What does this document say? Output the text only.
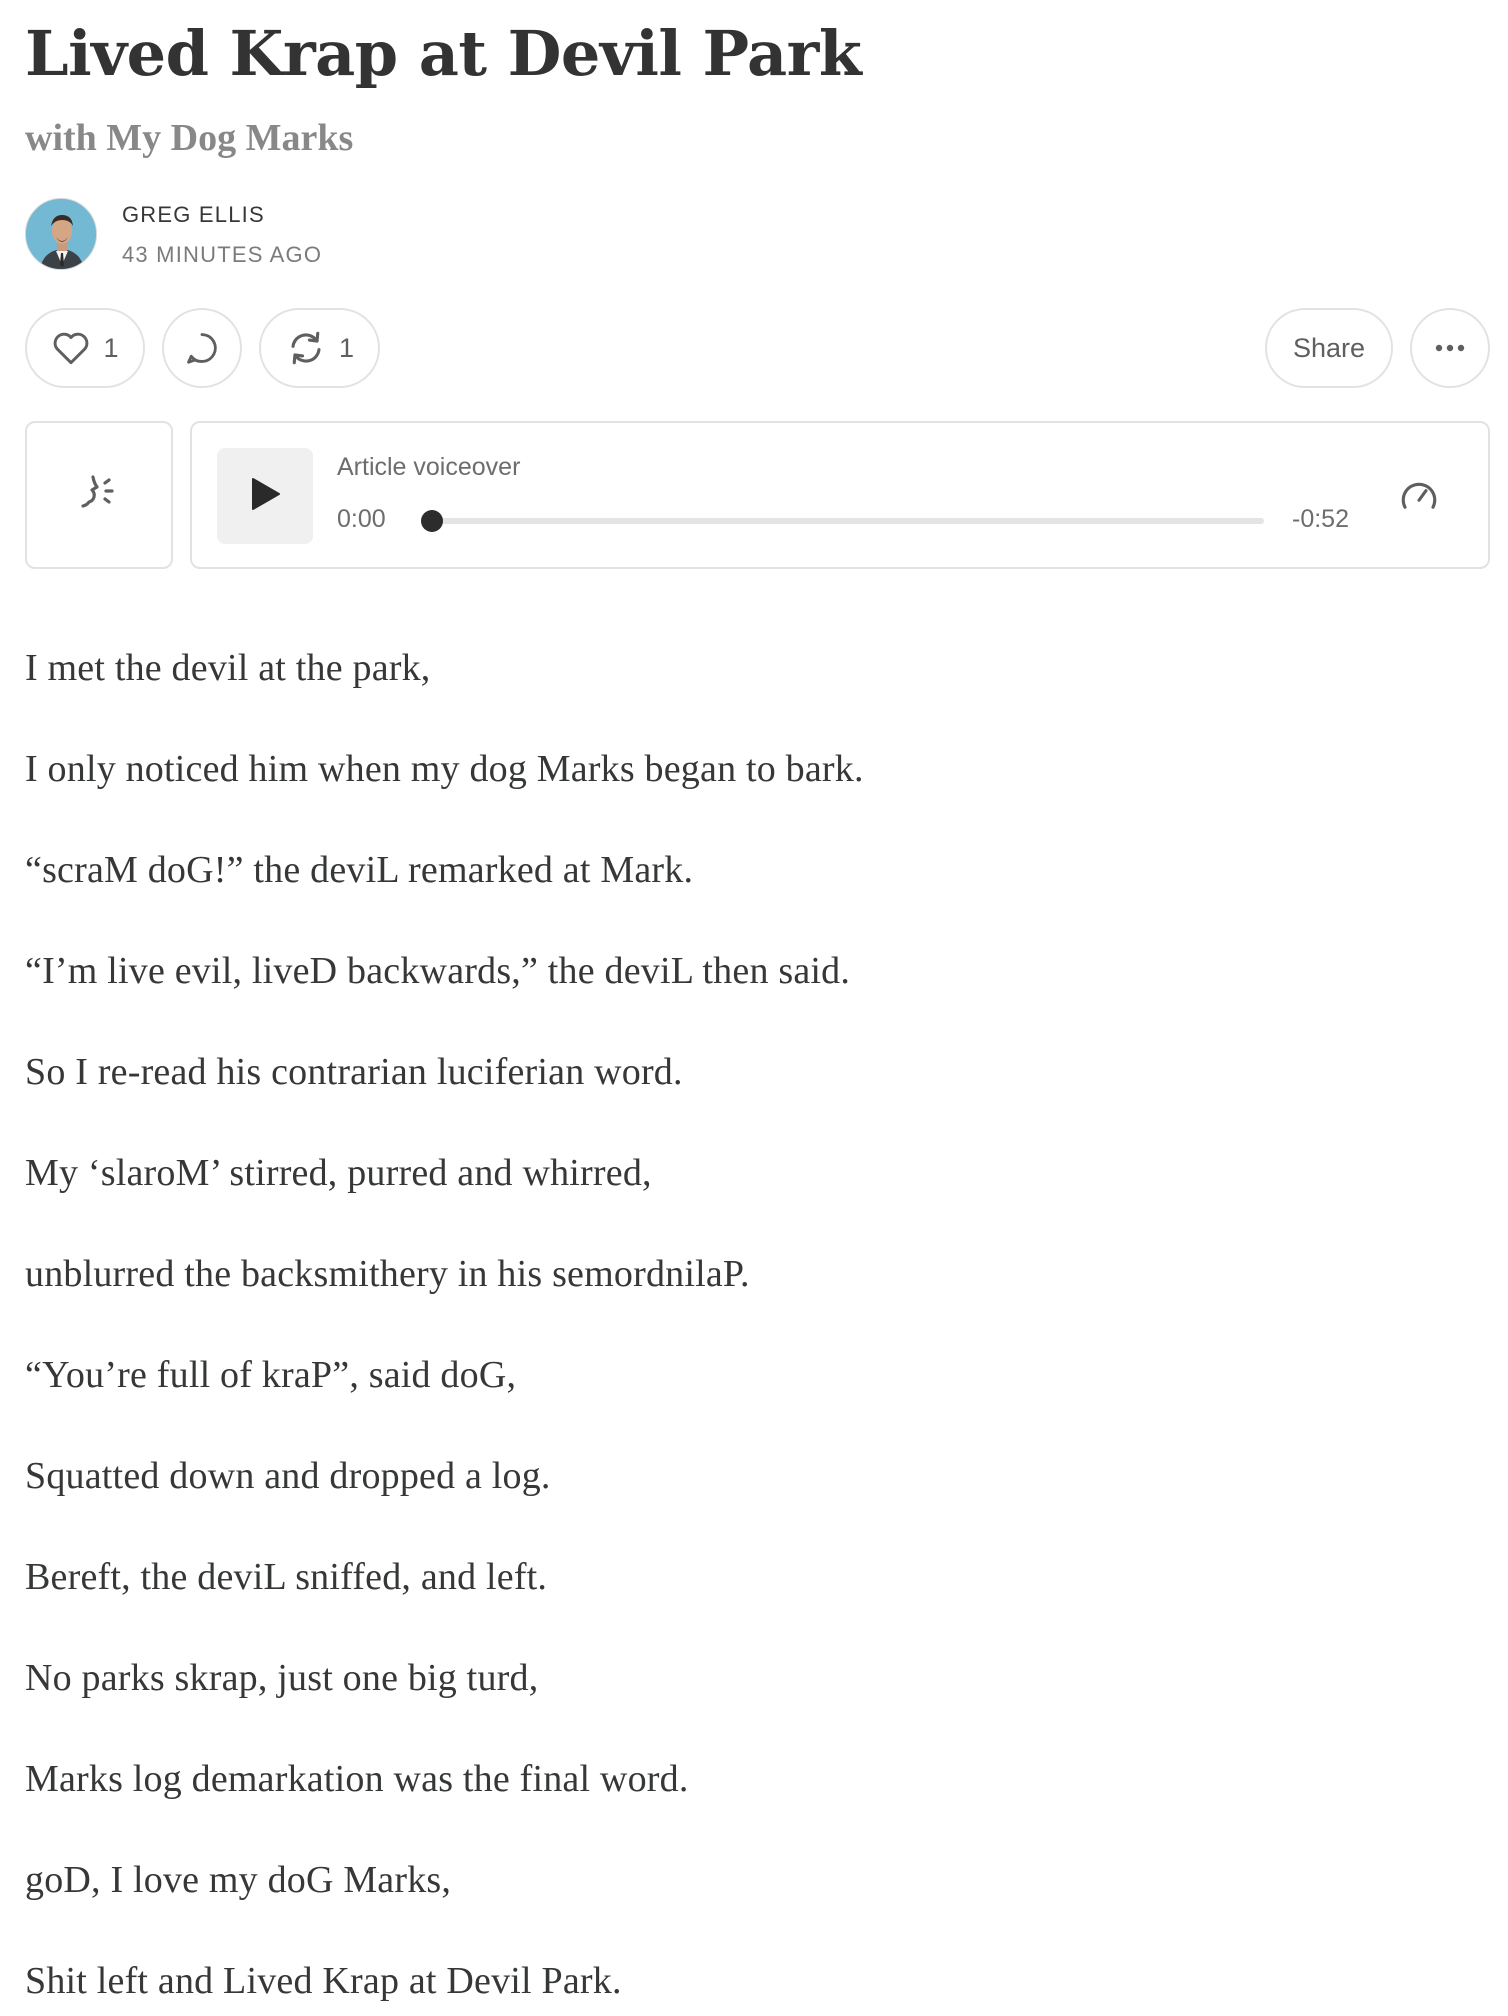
Lived Krap at Devil Park
with My Dog Marks
GREG ELLIS
43 MINUTES AGO
1	1	Share
Article voiceover
0:00	-0:52

I met the devil at the park,

I only noticed him when my dog Marks began to bark.

“scraM doG!” the deviL remarked at Mark.

“I’m live evil, liveD backwards,” the deviL then said.

So I re-read his contrarian luciferian word.

My ‘slaroM’ stirred, purred and whirred,

unblurred the backsmithery in his semordnilaP.

“You’re full of kraP”, said doG,

Squatted down and dropped a log.

Bereft, the deviL sniffed, and left.

No parks skrap, just one big turd,

Marks log demarkation was the final word.

goD, I love my doG Marks,

Shit left and Lived Krap at Devil Park.
